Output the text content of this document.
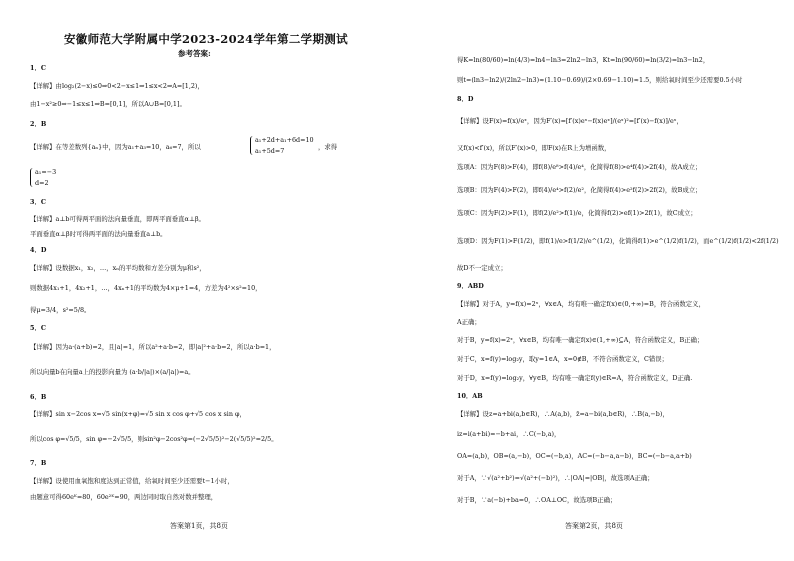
安徽师范大学附属中学2023-2024学年第二学期测试
参考答案:
1．C
【详解】由log₂(2−x)≤0⇒0<2−x≤1⇒1≤x<2⇒A=[1,2)，
由1−x²≥0⇒−1≤x≤1⇒B=[0,1]，所以A∪B=[0,1]。
2．B
【详解】在等差数列{aₙ}中，因为a₁+a₃=10，a₆=7，所以
a₁+2d+a₁+6d=10
a₁+5d=7	，求得
a₁=−3
d=2
3．C
【详解】a⊥b可得两平面的法向量垂直，即两平面垂直α⊥β。
平面垂直α⊥β时可得两平面的法向量垂直a⊥b。
4．D
【详解】设数据x₁，x₂，…，xₙ的平均数和方差分别为μ和s²，
则数据4x₁+1，4x₂+1，…，4xₙ+1的平均数为4×μ+1=4，方差为4²×s²=10，
得μ=3/4，s²=5/8。
5．C
【详解】因为a·(a+b)=2，且|a|=1，所以a²+a·b=2，即|a|²+a·b=2，所以a·b=1，
所以向量b在向量a上的投影向量为 (a·b/|a|)×(a/|a|)=a。
6．B
【详解】sin x−2cos x=√5 sin(x+φ)=√5 sin x cos φ+√5 cos x sin φ，
所以cos φ=√5/5，sin φ=−2√5/5，则sin²φ−2cos²φ=(−2√5/5)²−2(√5/5)²=2/5。
7．B
【详解】设使用血氧饱和度达到正常值，给氧时间至少还需要t−1小时，
由题意可得60eᴷ=80，60e²ᴷ=90，两边同时取自然对数并整理，
答案第1页，共8页
得K=ln(80/60)=ln(4/3)=ln4−ln3=2ln2−ln3，Kt=ln(90/60)=ln(3/2)=ln3−ln2，
则t=(ln3−ln2)/(2ln2−ln3)≈(1.10−0.69)/(2×0.69−1.10)≈1.5，则给氧时间至少还需要0.5小时
8．D
【详解】设F(x)=f(x)/eˣ，因为F′(x)=[f′(x)eˣ−f(x)eˣ]/(eˣ)²=[f′(x)−f(x)]/eˣ，
又f(x)<f′(x)，所以F′(x)>0，即F(x)在R上为增函数，
选项A：因为F(8)>F(4)，即f(8)/e⁸>f(4)/e⁴，化简得f(8)>e⁴f(4)>2f(4)，故A成立；
选项B：因为F(4)>F(2)，即f(4)/e⁴>f(2)/e²，化简得f(4)>e²f(2)>2f(2)，故B成立；
选项C：因为F(2)>F(1)，即f(2)/e²>f(1)/e，化简得f(2)>ef(1)>2f(1)，故C成立；
选项D：因为F(1)>F(1/2)，即f(1)/e>f(1/2)/e^(1/2)，化简得f(1)>e^(1/2)f(1/2)，而e^(1/2)f(1/2)<2f(1/2)
故D不一定成立；
9．ABD
【详解】对于A，y=f(x)=2ˣ，∀x∈A，均有唯一确定f(x)∈(0,+∞)=B，符合函数定义，
A正确；
对于B，y=f(x)=2ˣ，∀x∈B，均有唯一确定f(x)∈(1,+∞)⊆A，符合函数定义，B正确；
对于C，x=f(y)=log₂y，取y=1∈A，x=0∉B，不符合函数定义，C错误；
对于D，x=f(y)=log₂y，∀y∈B，均有唯一确定f(y)∈R=A，符合函数定义，D正确.
10．AB
【详解】设z=a+bi(a,b∈R)，∴A(a,b)，z̄=a−bi(a,b∈R)，∴B(a,−b)，
iz=i(a+bi)=−b+ai，∴C(−b,a)，
OA=(a,b)，OB=(a,−b)，OC=(−b,a)，AC=(−b−a,a−b)，BC=(−b−a,a+b)
对于A，∵√(a²+b²)=√(a²+(−b)²)，∴|OA|=|OB|，故选项A正确；
对于B，∵a(−b)+ba=0，∴OA⊥OC，故选项B正确；
答案第2页，共8页
